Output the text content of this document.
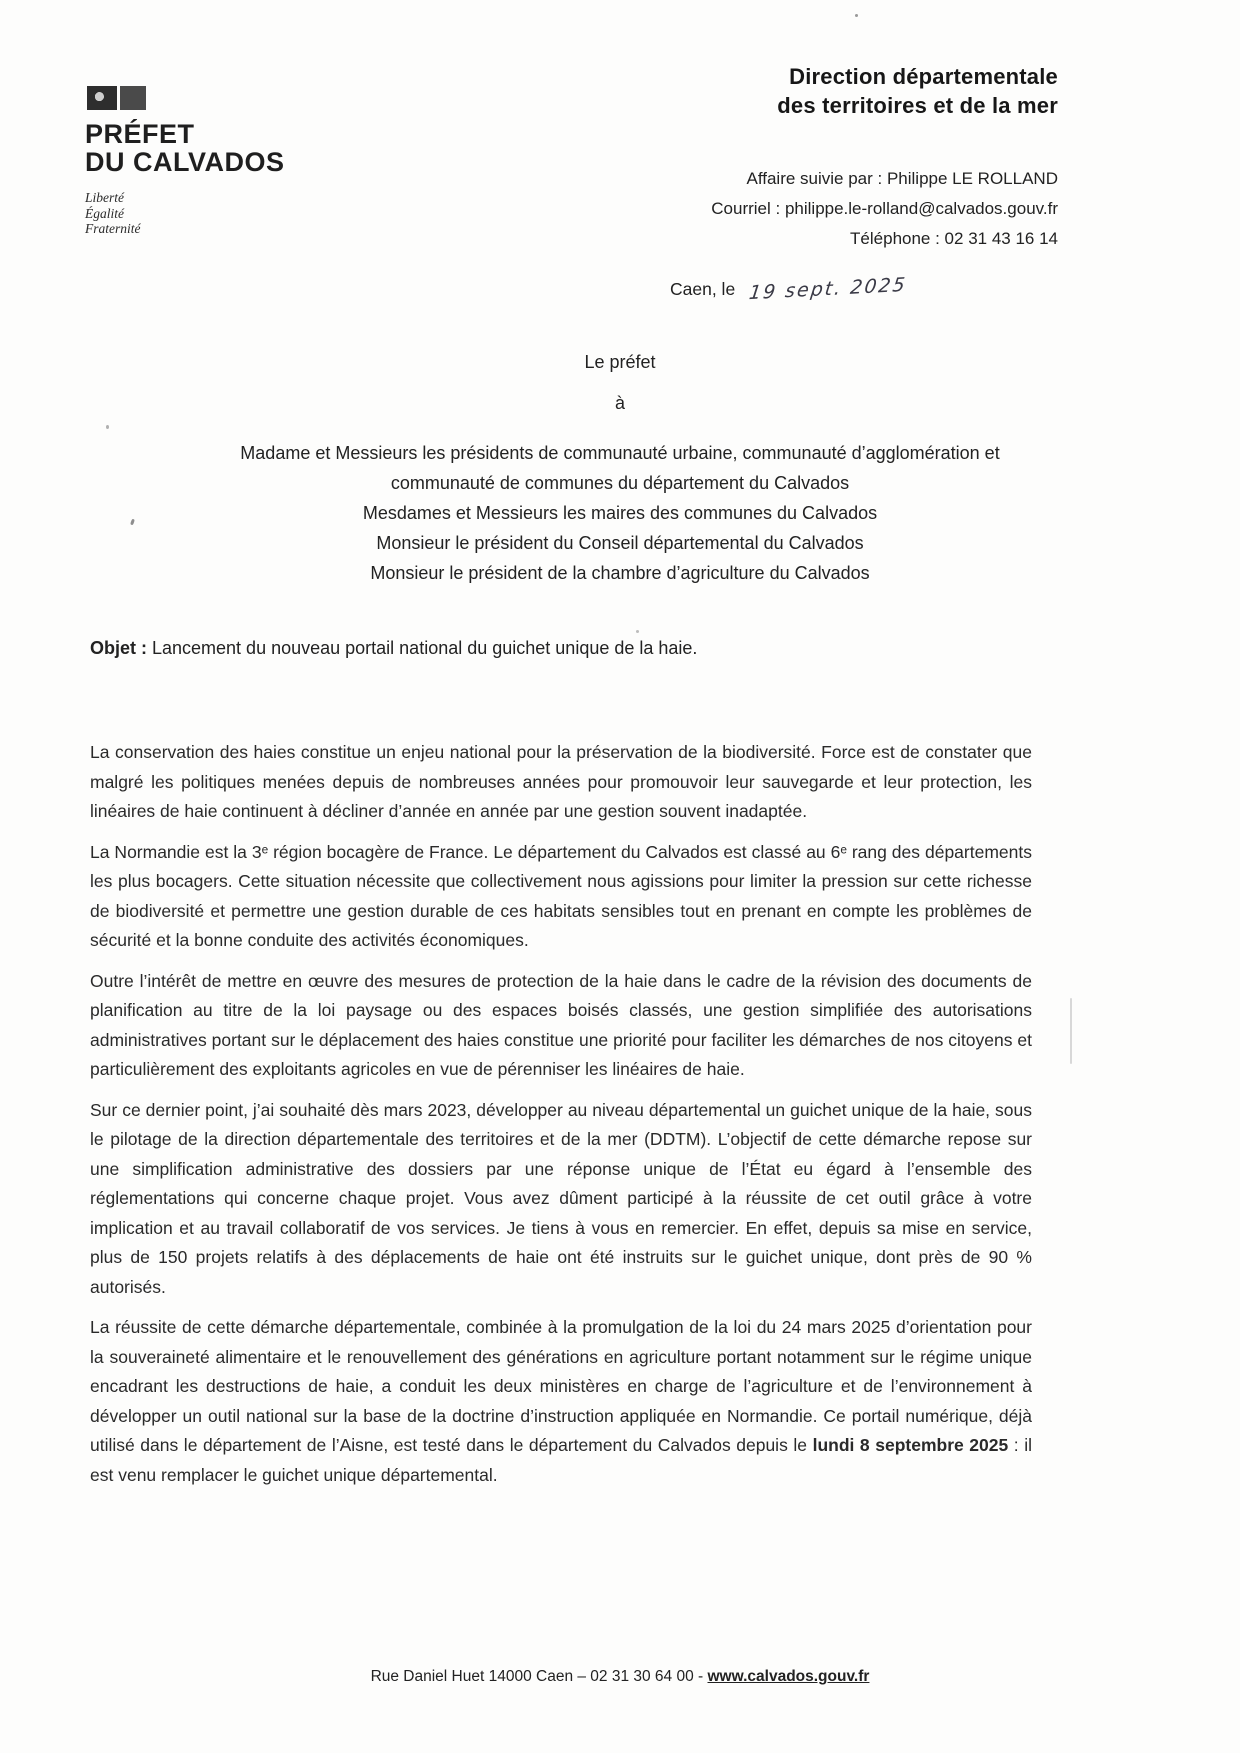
PRÉFET
DU CALVADOS
Liberté
Égalité
Fraternité
Direction départementale
des territoires et de la mer
Affaire suivie par : Philippe LE ROLLAND
Courriel : philippe.le-rolland@calvados.gouv.fr
Téléphone : 02 31 43 16 14
Caen, le 19 sept. 2025
Le préfet
à
Madame et Messieurs les présidents de communauté urbaine, communauté d’agglomération et
communauté de communes du département du Calvados
Mesdames et Messieurs les maires des communes du Calvados
Monsieur le président du Conseil départemental du Calvados
Monsieur le président de la chambre d’agriculture du Calvados
Objet : Lancement du nouveau portail national du guichet unique de la haie.

La conservation des haies constitue un enjeu national pour la préservation de la biodiversité. Force est de constater que malgré les politiques menées depuis de nombreuses années pour promouvoir leur sauvegarde et leur protection, les linéaires de haie continuent à décliner d’année en année par une gestion souvent inadaptée.

La Normandie est la 3ᵉ région bocagère de France. Le département du Calvados est classé au 6ᵉ rang des départements les plus bocagers. Cette situation nécessite que collectivement nous agissions pour limiter la pression sur cette richesse de biodiversité et permettre une gestion durable de ces habitats sensibles tout en prenant en compte les problèmes de sécurité et la bonne conduite des activités économiques.

Outre l’intérêt de mettre en œuvre des mesures de protection de la haie dans le cadre de la révision des documents de planification au titre de la loi paysage ou des espaces boisés classés, une gestion simplifiée des autorisations administratives portant sur le déplacement des haies constitue une priorité pour faciliter les démarches de nos citoyens et particulièrement des exploitants agricoles en vue de pérenniser les linéaires de haie.

Sur ce dernier point, j’ai souhaité dès mars 2023, développer au niveau départemental un guichet unique de la haie, sous le pilotage de la direction départementale des territoires et de la mer (DDTM). L’objectif de cette démarche repose sur une simplification administrative des dossiers par une réponse unique de l’État eu égard à l’ensemble des réglementations qui concerne chaque projet. Vous avez dûment participé à la réussite de cet outil grâce à votre implication et au travail collaboratif de vos services. Je tiens à vous en remercier. En effet, depuis sa mise en service, plus de 150 projets relatifs à des déplacements de haie ont été instruits sur le guichet unique, dont près de 90 % autorisés.

La réussite de cette démarche départementale, combinée à la promulgation de la loi du 24 mars 2025 d’orientation pour la souveraineté alimentaire et le renouvellement des générations en agriculture portant notamment sur le régime unique encadrant les destructions de haie, a conduit les deux ministères en charge de l’agriculture et de l’environnement à développer un outil national sur la base de la doctrine d’instruction appliquée en Normandie. Ce portail numérique, déjà utilisé dans le département de l’Aisne, est testé dans le département du Calvados depuis le lundi 8 septembre 2025 : il est venu remplacer le guichet unique départemental.

Rue Daniel Huet 14000 Caen – 02 31 30 64 00 - www.calvados.gouv.fr
